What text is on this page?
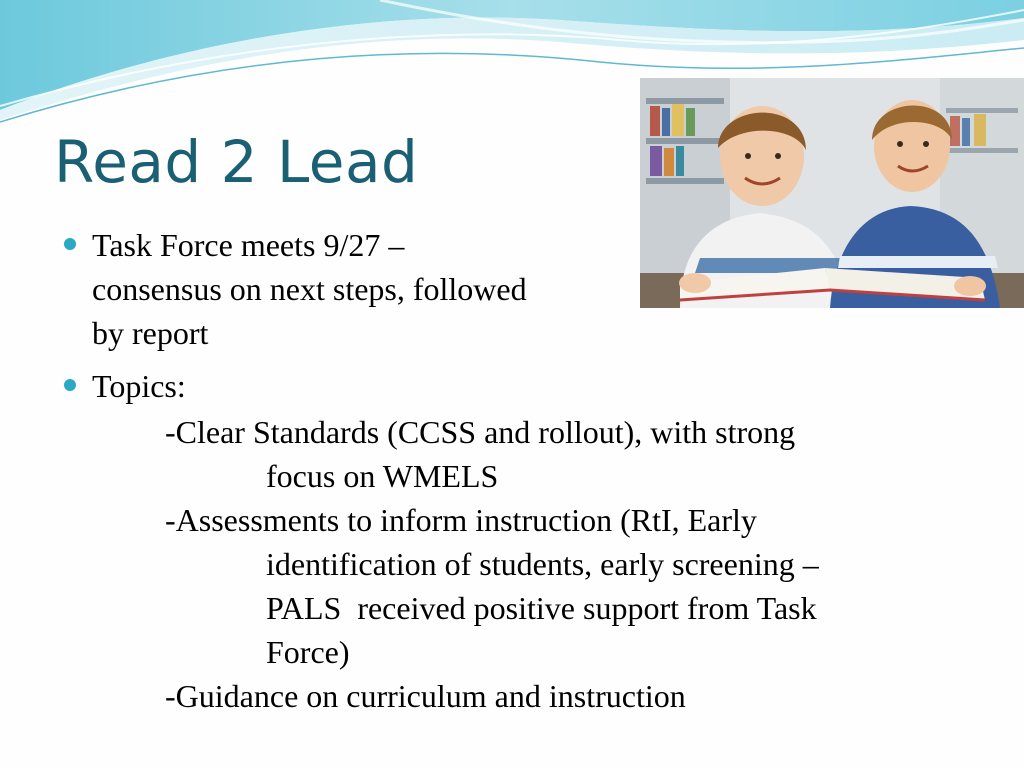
Read 2 Lead
Task Force meets 9/27 –
consensus on next steps, followed
by report
Topics:
-Clear Standards (CCSS and rollout), with strong
focus on WMELS
-Assessments to inform instruction (RtI, Early
identification of students, early screening –
PALS  received positive support from Task
Force)
-Guidance on curriculum and instruction
